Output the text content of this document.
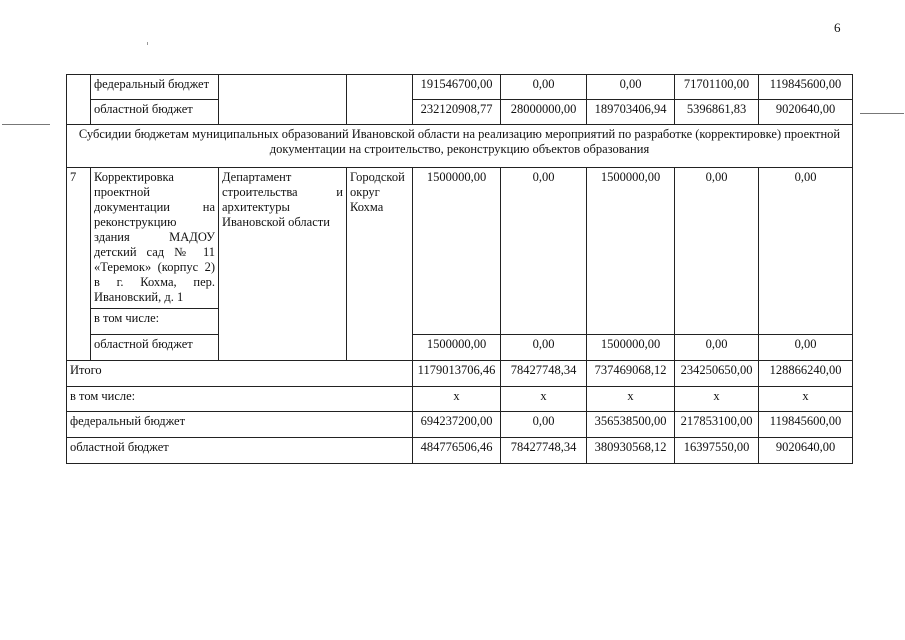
6
	федеральный бюджет			191546700,00	0,00	0,00	71701100,00	119845600,00
	областной бюджет			232120908,77	28000000,00	189703406,94	5396861,83	9020640,00
Субсидии бюджетам муниципальных образований Ивановской области на реализацию мероприятий по разработке (корректировке) проектной документации на строительство, реконструкцию объектов образования								
7	Корректировка проектной документации на реконструкцию здания МАДОУ детский сад № 11 «Теремок» (корпус 2) в г. Кохма, пер. Ивановский, д. 1	Департамент строительства и архитектуры Ивановской области	Городской округ Кохма	1500000,00	0,00	1500000,00	0,00	0,00
	в том числе:							
	областной бюджет			1500000,00	0,00	1500000,00	0,00	0,00
Итого				1179013706,46	78427748,34	737469068,12	234250650,00	128866240,00
в том числе:				х	х	х	х	х
федеральный бюджет				694237200,00	0,00	356538500,00	217853100,00	119845600,00
областной бюджет				484776506,46	78427748,34	380930568,12	16397550,00	9020640,00
